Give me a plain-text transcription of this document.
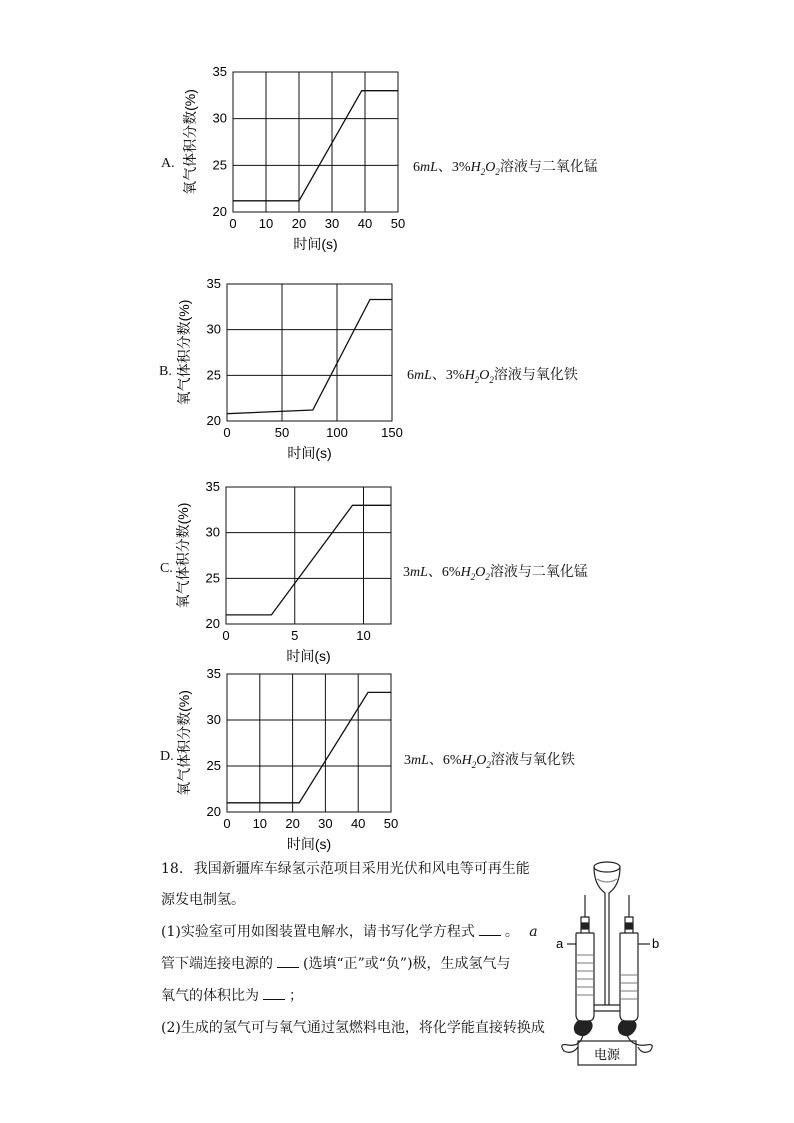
0 10 20 30 40 50
20
25
30
35
时间(s)
氧气体积分数(%)
0	50	100	150
20
25
30
35
时间(s)
氧气体积分数(%)
0	5	10
20
25
30
35
时间(s)
氧气体积分数(%)
0 10 20 30 40 50
20
25
30
35
时间(s)
氧气体积分数(%)
A.	6mL、$3\%H_2O_2$溶液与二氧化锰
B.	6mL、$3\%H_2O_2$溶液与氧化铁
C.	3mL、$6\%H_2O_2$溶液与二氧化锰
D.	3mL、$6\%H_2O_2$溶液与氧化铁
18. 我国新疆库车绿氢示范项目采用光伏和风电等可再生能
源发电制氢。
(1)实验室可用如图装置电解水，请书写化学方程式 。 a
管下端连接电源的 (选填“正”或“负”)极，生成氢气与
氧气的体积比为 ；
(2)生成的氢气可与氧气通过氢燃料电池，将化学能直接转换成
a	b
电源
